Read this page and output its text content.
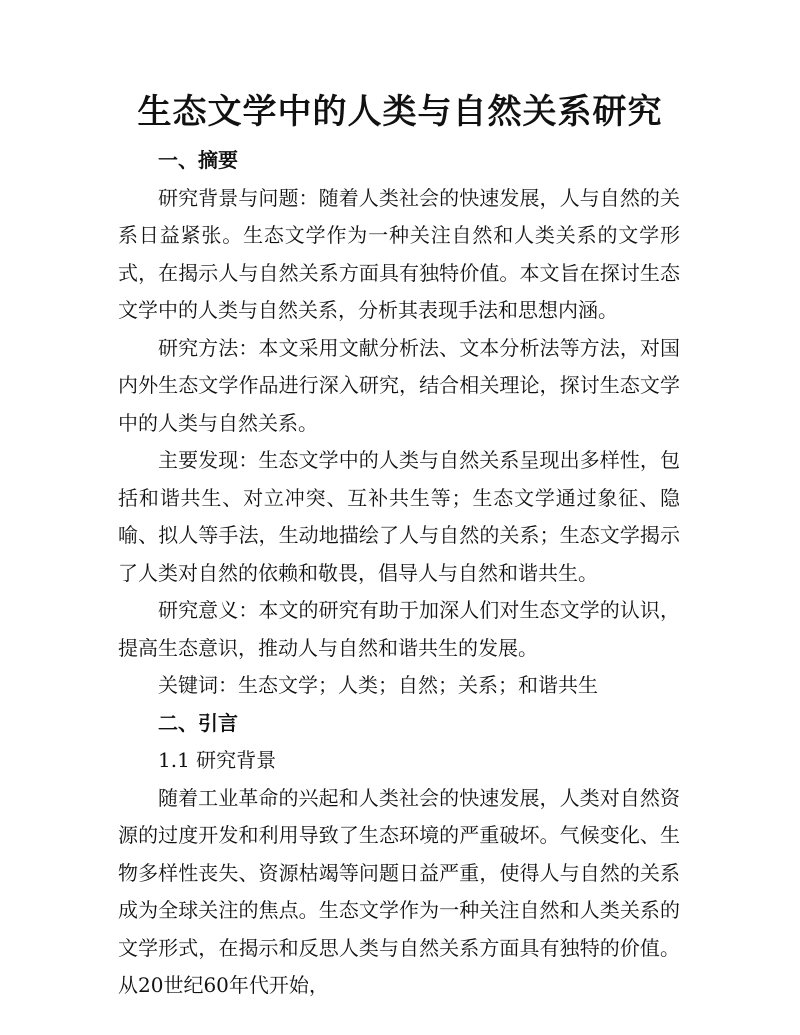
生态文学中的人类与自然关系研究

一、摘要

研究背景与问题：随着人类社会的快速发展，人与自然的关系日益紧张。生态文学作为一种关注自然和人类关系的文学形式，在揭示人与自然关系方面具有独特价值。本文旨在探讨生态文学中的人类与自然关系，分析其表现手法和思想内涵。

研究方法：本文采用文献分析法、文本分析法等方法，对国内外生态文学作品进行深入研究，结合相关理论，探讨生态文学中的人类与自然关系。

主要发现：生态文学中的人类与自然关系呈现出多样性，包括和谐共生、对立冲突、互补共生等；生态文学通过象征、隐喻、拟人等手法，生动地描绘了人与自然的关系；生态文学揭示了人类对自然的依赖和敬畏，倡导人与自然和谐共生。

研究意义：本文的研究有助于加深人们对生态文学的认识，提高生态意识，推动人与自然和谐共生的发展。

关键词：生态文学；人类；自然；关系；和谐共生

二、引言

1.1 研究背景

随着工业革命的兴起和人类社会的快速发展，人类对自然资源的过度开发和利用导致了生态环境的严重破坏。气候变化、生物多样性丧失、资源枯竭等问题日益严重，使得人与自然的关系成为全球关注的焦点。生态文学作为一种关注自然和人类关系的文学形式，在揭示和反思人类与自然关系方面具有独特的价值。从20世纪60年代开始，
